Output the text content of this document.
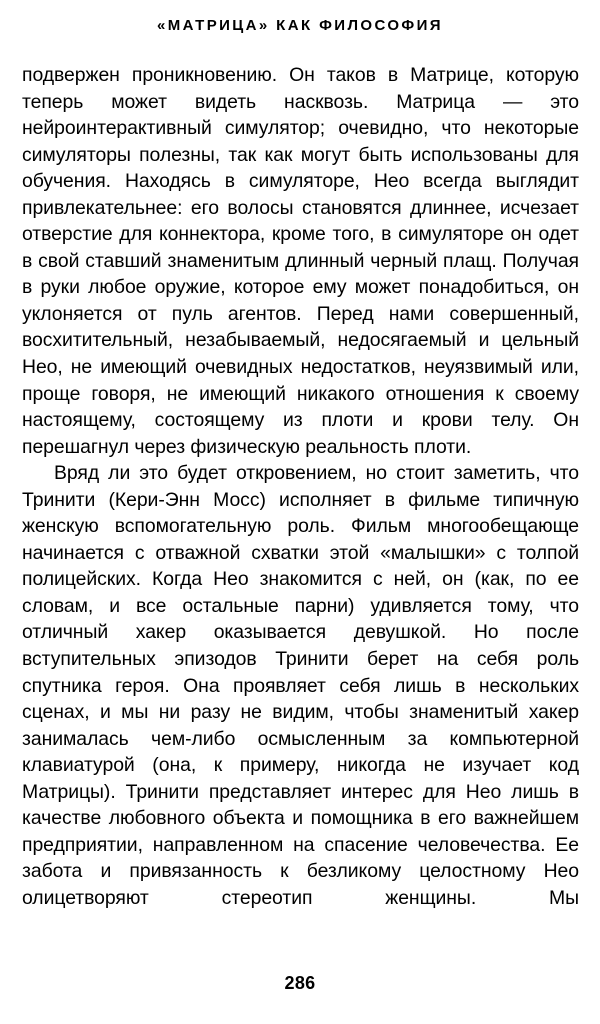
«МАТРИЦА» КАК ФИЛОСОФИЯ

подвержен проникновению. Он таков в Матрице, которую теперь может видеть насквозь. Матрица — это нейроинтерактивный симулятор; очевидно, что некоторые симуляторы полезны, так как могут быть использованы для обучения. Находясь в симуляторе, Нео всегда выглядит привлекательнее: его волосы становятся длиннее, исчезает отверстие для коннектора, кроме того, в симуляторе он одет в свой ставший знаменитым длинный черный плащ. Получая в руки любое оружие, которое ему может понадобиться, он уклоняется от пуль агентов. Перед нами совершенный, восхитительный, незабываемый, недосягаемый и цельный Нео, не имеющий очевидных недостатков, неуязвимый или, проще говоря, не имеющий никакого отношения к своему настоящему, состоящему из плоти и крови телу. Он перешагнул через физическую реальность плоти.

Вряд ли это будет откровением, но стоит заметить, что Тринити (Кери-Энн Мосс) исполняет в фильме типичную женскую вспомогательную роль. Фильм многообещающе начинается с отважной схватки этой «малышки» с толпой полицейских. Когда Нео знакомится с ней, он (как, по ее словам, и все остальные парни) удивляется тому, что отличный хакер оказывается девушкой. Но после вступительных эпизодов Тринити берет на себя роль спутника героя. Она проявляет себя лишь в нескольких сценах, и мы ни разу не видим, чтобы знаменитый хакер занималась чем-либо осмысленным за компьютерной клавиатурой (она, к примеру, никогда не изучает код Матрицы). Тринити представляет интерес для Нео лишь в качестве любовного объекта и помощника в его важнейшем предприятии, направленном на спасение человечества. Ее забота и привязанность к безликому целостному Нео олицетворяют стереотип женщины. Мы

286
